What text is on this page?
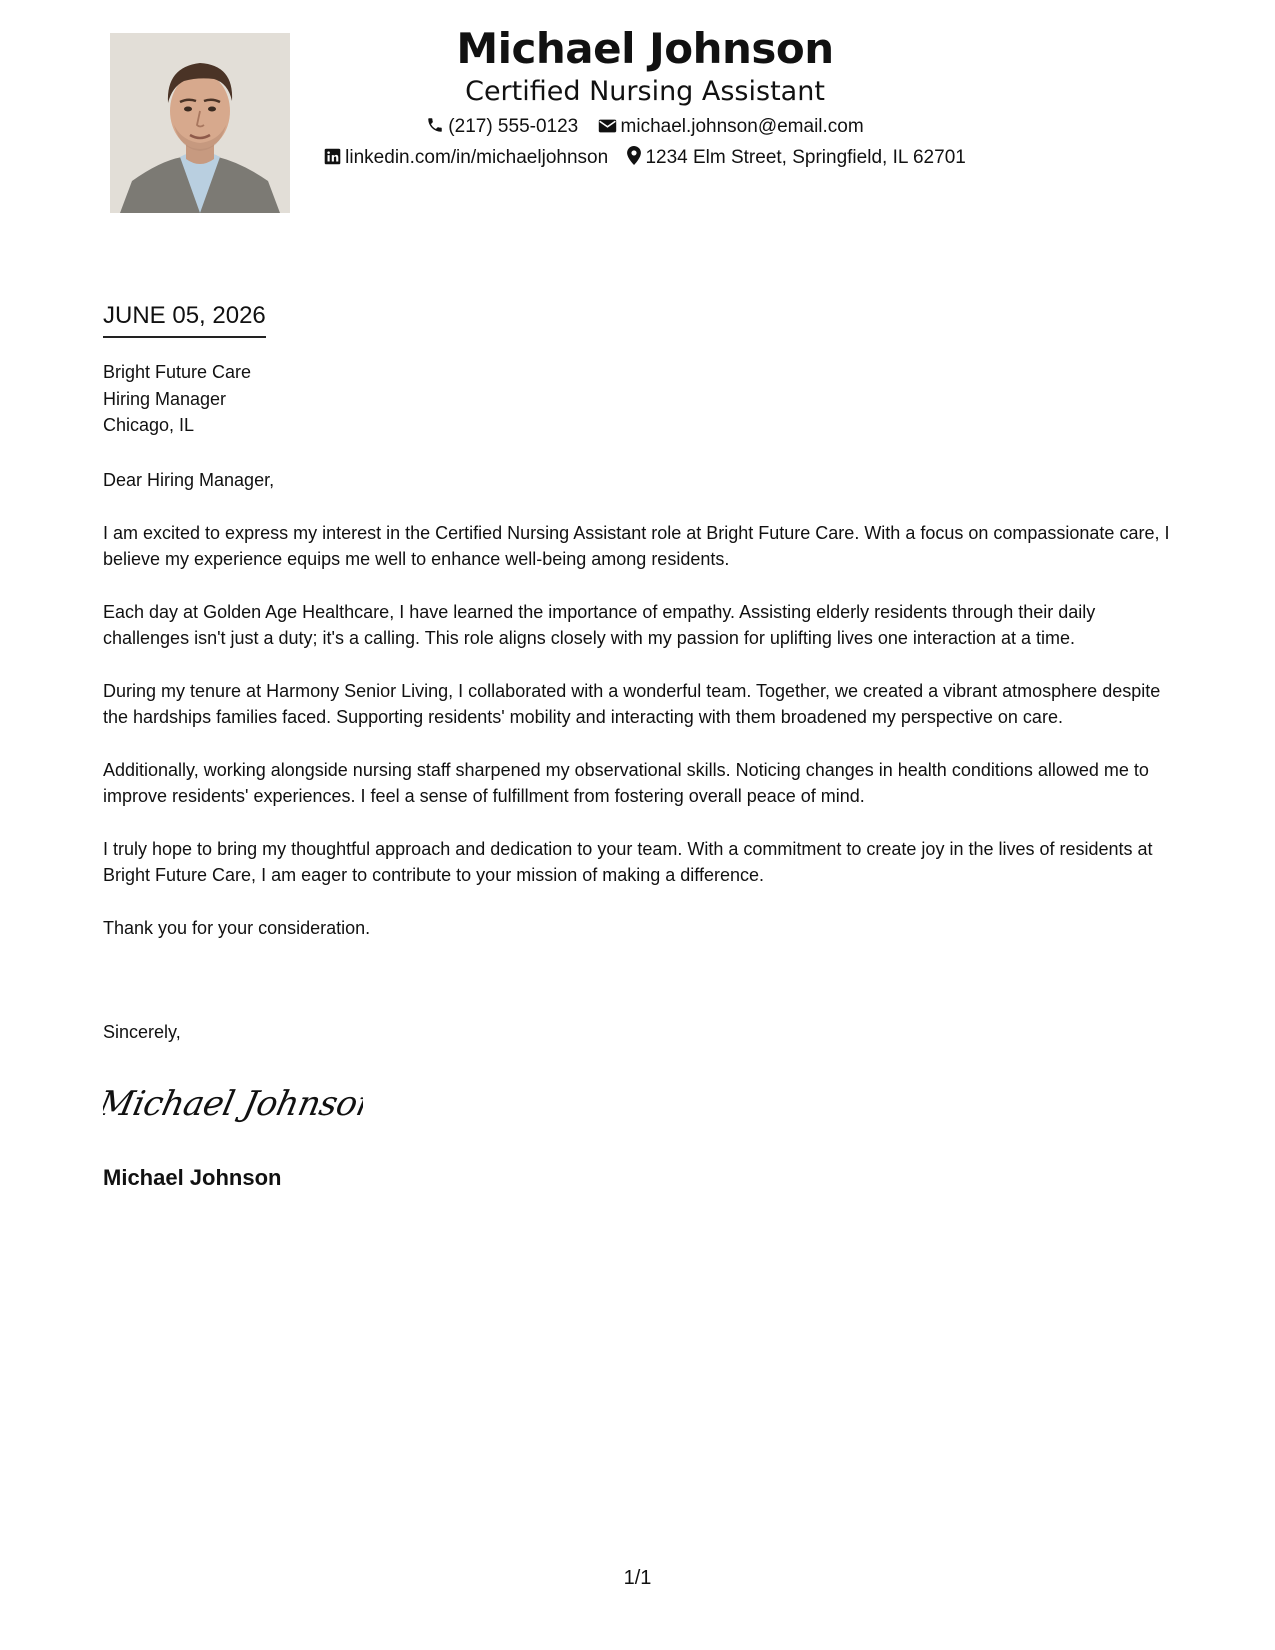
Michael Johnson
Certified Nursing Assistant
(217) 555-0123 michael.johnson@email.com
linkedin.com/in/michaeljohnson 1234 Elm Street, Springfield, IL 62701
JUNE 05, 2026
Bright Future Care
Hiring Manager
Chicago, IL

Dear Hiring Manager,

I am excited to express my interest in the Certified Nursing Assistant role at Bright Future Care. With a focus on compassionate care, I believe my experience equips me well to enhance well-being among residents.

Each day at Golden Age Healthcare, I have learned the importance of empathy. Assisting elderly residents through their daily challenges isn't just a duty; it's a calling. This role aligns closely with my passion for uplifting lives one interaction at a time.

During my tenure at Harmony Senior Living, I collaborated with a wonderful team. Together, we created a vibrant atmosphere despite the hardships families faced. Supporting residents' mobility and interacting with them broadened my perspective on care.

Additionally, working alongside nursing staff sharpened my observational skills. Noticing changes in health conditions allowed me to improve residents' experiences. I feel a sense of fulfillment from fostering overall peace of mind.

I truly hope to bring my thoughtful approach and dedication to your team. With a commitment to create joy in the lives of residents at Bright Future Care, I am eager to contribute to your mission of making a difference.

Thank you for your consideration.

Sincerely,
Michael Johnson
Michael Johnson
1/1
